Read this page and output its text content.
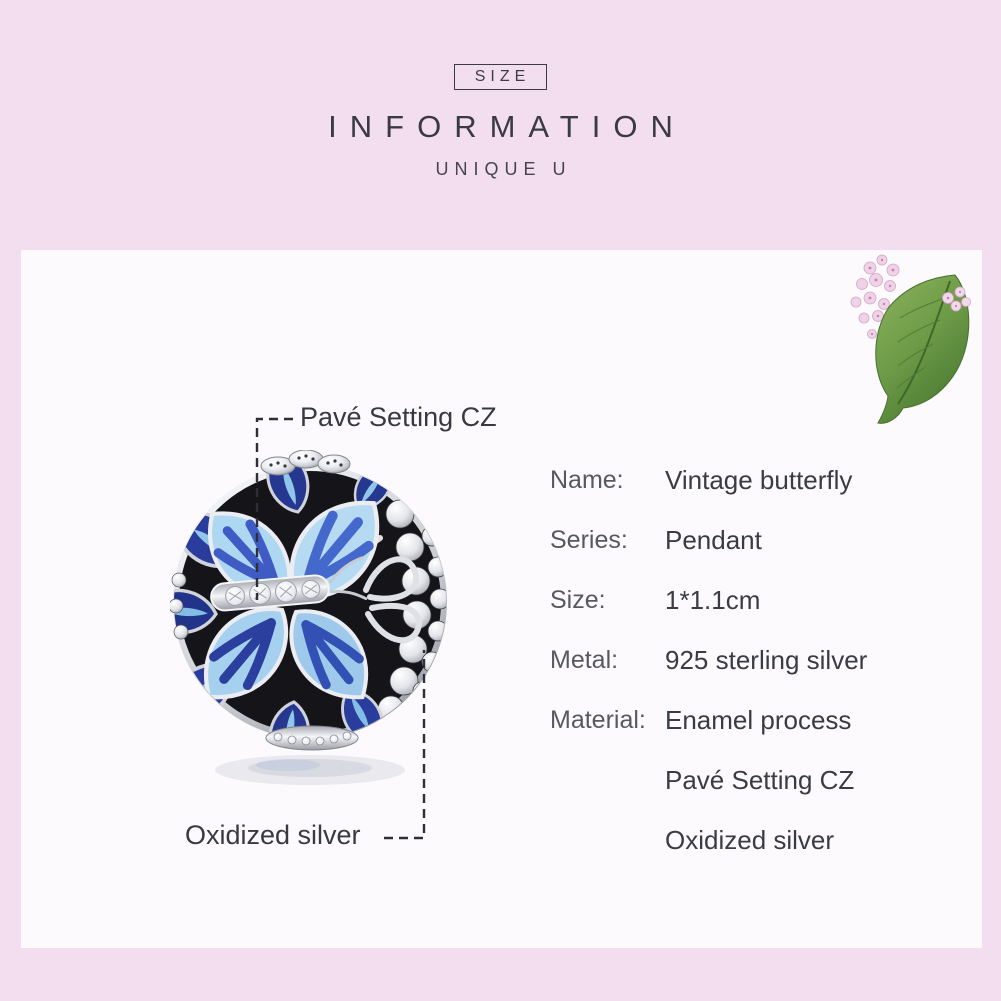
SIZE
INFORMATION
UNIQUE U
Pavé Setting CZ
Oxidized silver
Name:	Vintage butterfly
Series:	Pendant
Size:	1*1.1cm
Metal:	925 sterling silver
Material: Enamel process
Pavé Setting CZ
Oxidized silver
